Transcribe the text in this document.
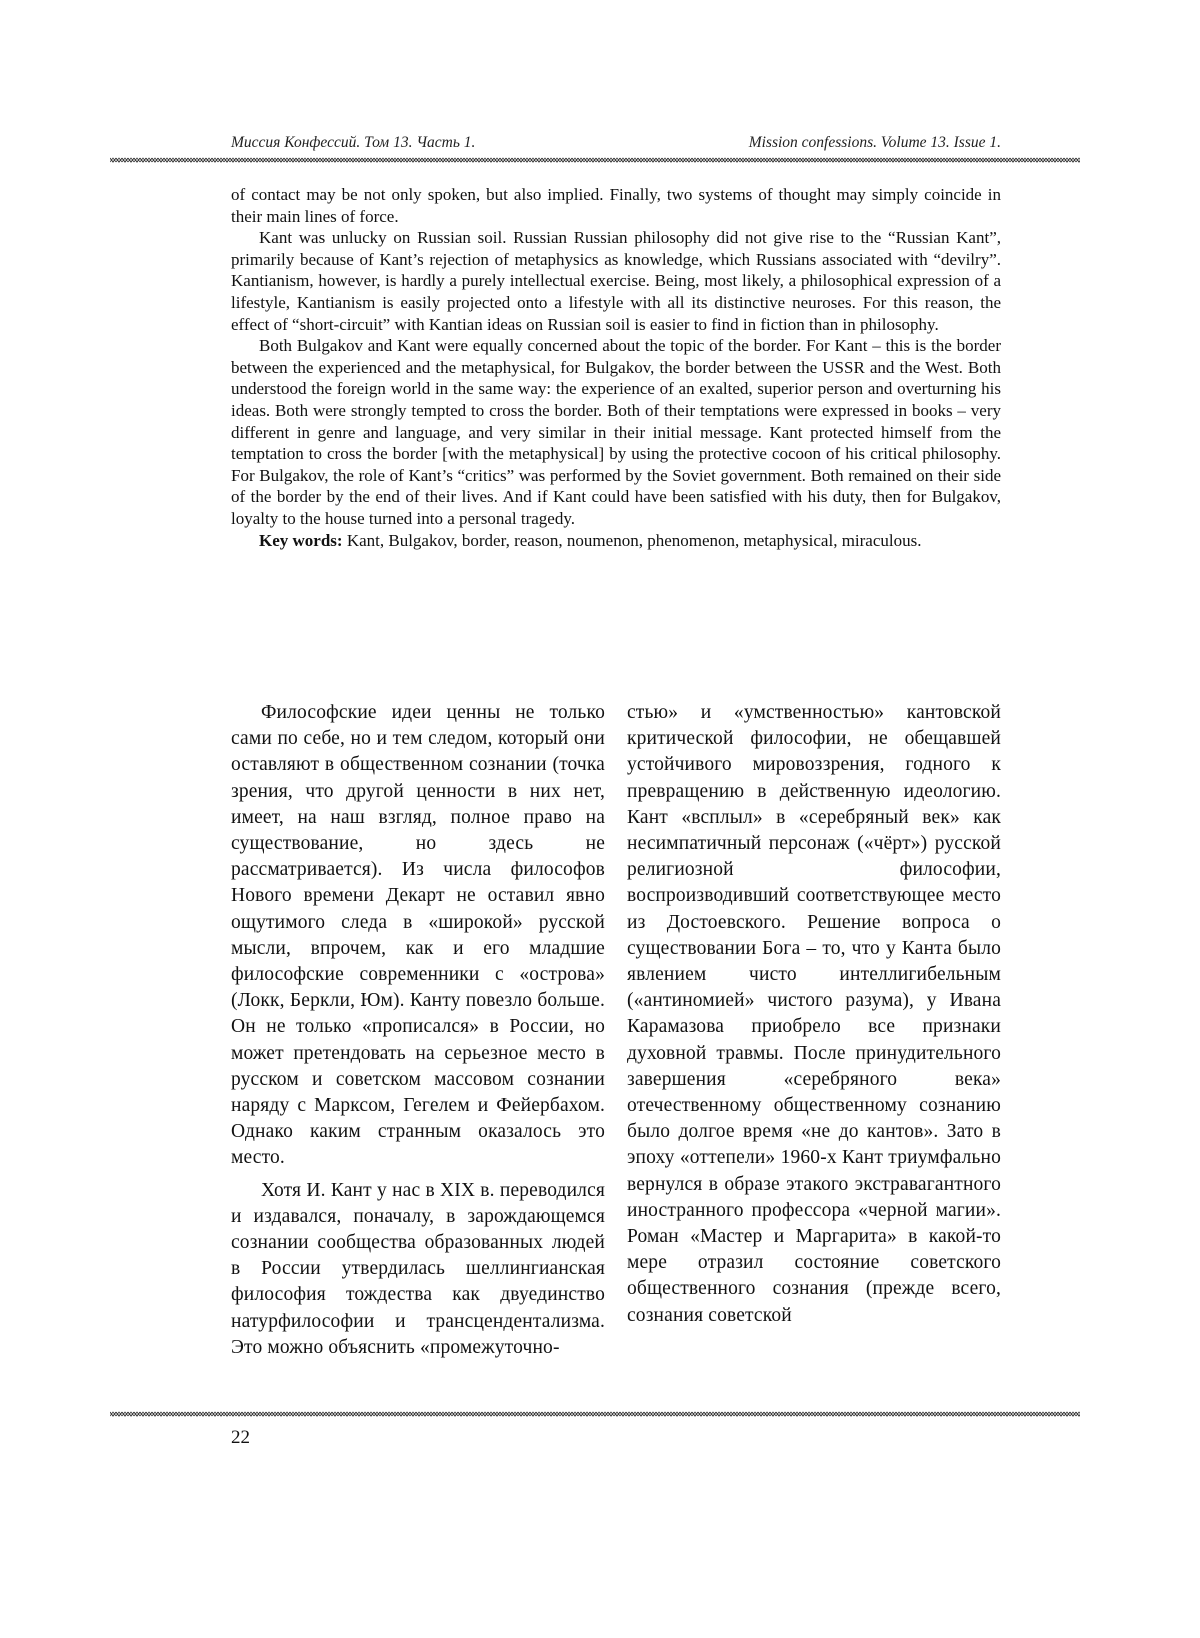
Миссия Конфессий. Том 13. Часть 1.	Mission confessions. Volume 13. Issue 1.

of contact may be not only spoken, but also implied. Finally, two systems of thought may simply coincide in their main lines of force.

Kant was unlucky on Russian soil. Russian Russian philosophy did not give rise to the “Russian Kant”, primarily because of Kant’s rejection of metaphysics as knowledge, which Russians associated with “devilry”. Kantianism, however, is hardly a purely intellectual exercise. Being, most likely, a philosophical expression of a lifestyle, Kantianism is easily projected onto a lifestyle with all its distinctive neuroses. For this reason, the effect of “short-circuit” with Kantian ideas on Russian soil is easier to find in fiction than in philosophy.

Both Bulgakov and Kant were equally concerned about the topic of the border. For Kant – this is the border between the experienced and the metaphysical, for Bulgakov, the border between the USSR and the West. Both understood the foreign world in the same way: the experience of an exalted, superior person and overturning his ideas. Both were strongly tempted to cross the border. Both of their temptations were expressed in books – very different in genre and language, and very similar in their initial message. Kant protected himself from the temptation to cross the border [with the metaphysical] by using the protective cocoon of his critical philosophy. For Bulgakov, the role of Kant’s “critics” was performed by the Soviet government. Both remained on their side of the border by the end of their lives. And if Kant could have been satisfied with his duty, then for Bulgakov, loyalty to the house turned into a personal tragedy.

Key words: Kant, Bulgakov, border, reason, noumenon, phenomenon, metaphysical, miraculous.

Философские идеи ценны не только сами по себе, но и тем следом, который они оставляют в общественном сознании (точка зрения, что другой ценности в них нет, имеет, на наш взгляд, полное право на существование, но здесь не рассматривается). Из числа философов Нового времени Декарт не оставил явно ощутимого следа в «широкой» русской мысли, впрочем, как и его младшие философские современники с «острова» (Локк, Беркли, Юм). Канту повезло больше. Он не только «прописался» в России, но может претендовать на серьезное место в русском и советском массовом сознании наряду с Марксом, Гегелем и Фейербахом. Однако каким странным оказалось это место.

Хотя И. Кант у нас в XIX в. переводился и издавался, поначалу, в зарождающемся сознании сообщества образованных людей в России утвердилась шеллингианская философия тождества как двуединство натурфилософии и трансцендентализма. Это можно объяснить «промежуточно-

стью» и «умственностью» кантовской критической философии, не обещавшей устойчивого мировоззрения, годного к превращению в действенную идеологию. Кант «всплыл» в «серебряный век» как несимпатичный персонаж («чёрт») русской религиозной философии, воспроизводивший соответствующее место из Достоевского. Решение вопроса о существовании Бога – то, что у Канта было явлением чисто интеллигибельным («антиномией» чистого разума), у Ивана Карамазова приобрело все признаки духовной травмы. После принудительного завершения «серебряного века» отечественному общественному сознанию было долгое время «не до кантов». Зато в эпоху «оттепели» 1960-х Кант триумфально вернулся в образе этакого экстравагантного иностранного профессора «черной магии». Роман «Мастер и Маргарита» в какой-то мере отразил состояние советского общественного сознания (прежде всего, сознания советской

22
